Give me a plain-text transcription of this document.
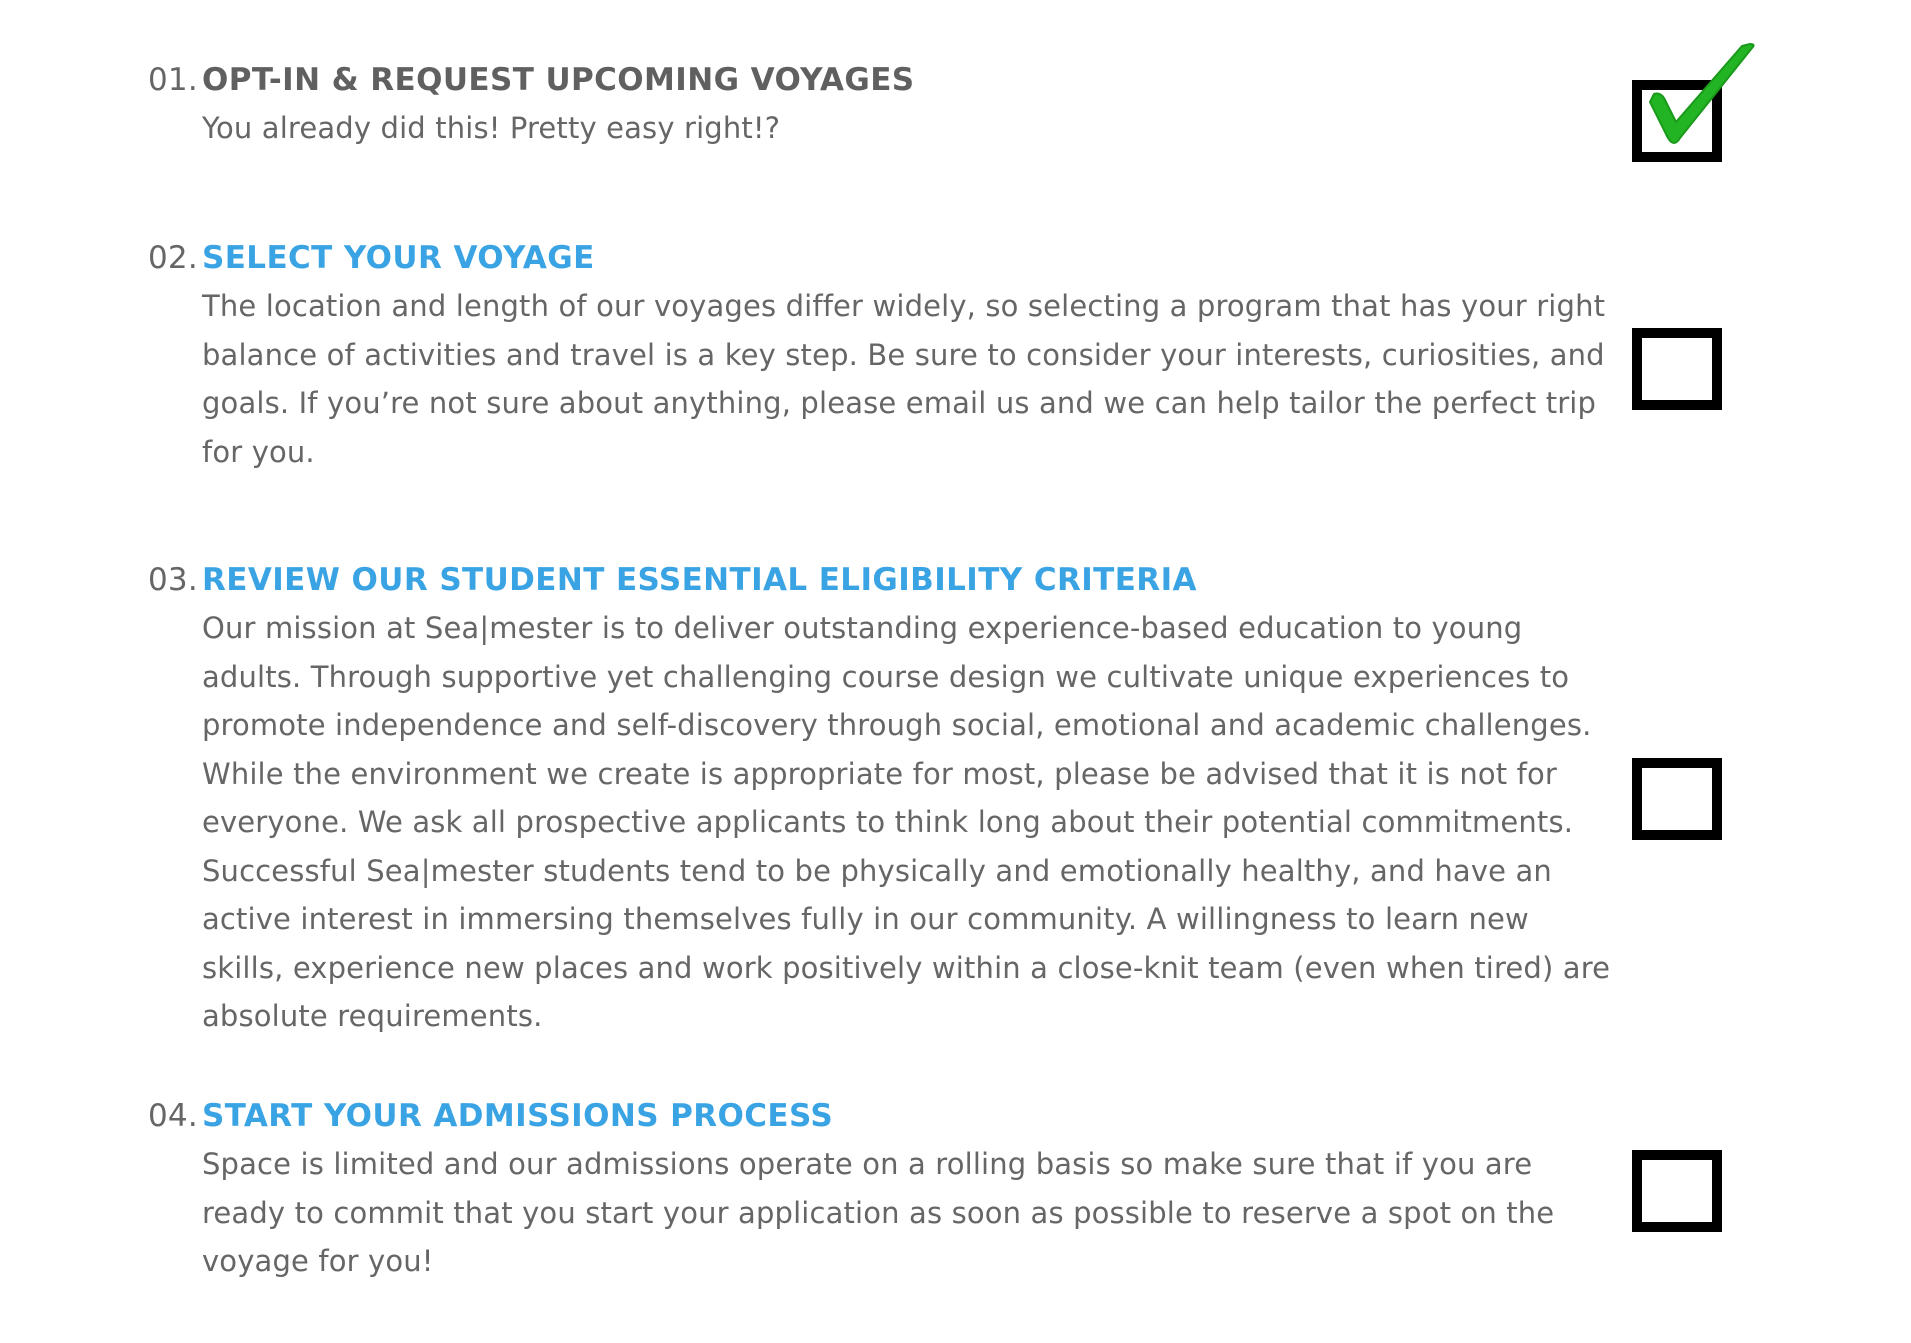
01. OPT-IN & REQUEST UPCOMING VOYAGES
You already did this! Pretty easy right!?
02. SELECT YOUR VOYAGE
The location and length of our voyages differ widely, so selecting a program that has your right balance of activities and travel is a key step. Be sure to consider your interests, curiosities, and goals. If you’re not sure about anything, please email us and we can help tailor the perfect trip for you.
03. REVIEW OUR STUDENT ESSENTIAL ELIGIBILITY CRITERIA
Our mission at Sea|mester is to deliver outstanding experience-based education to young adults. Through supportive yet challenging course design we cultivate unique experiences to promote independence and self-discovery through social, emotional and academic challenges. While the environment we create is appropriate for most, please be advised that it is not for everyone. We ask all prospective applicants to think long about their potential commitments. Successful Sea|mester students tend to be physically and emotionally healthy, and have an active interest in immersing themselves fully in our community. A willingness to learn new skills, experience new places and work positively within a close-knit team (even when tired) are absolute requirements.
04. START YOUR ADMISSIONS PROCESS
Space is limited and our admissions operate on a rolling basis so make sure that if you are ready to commit that you start your application as soon as possible to reserve a spot on the voyage for you!
